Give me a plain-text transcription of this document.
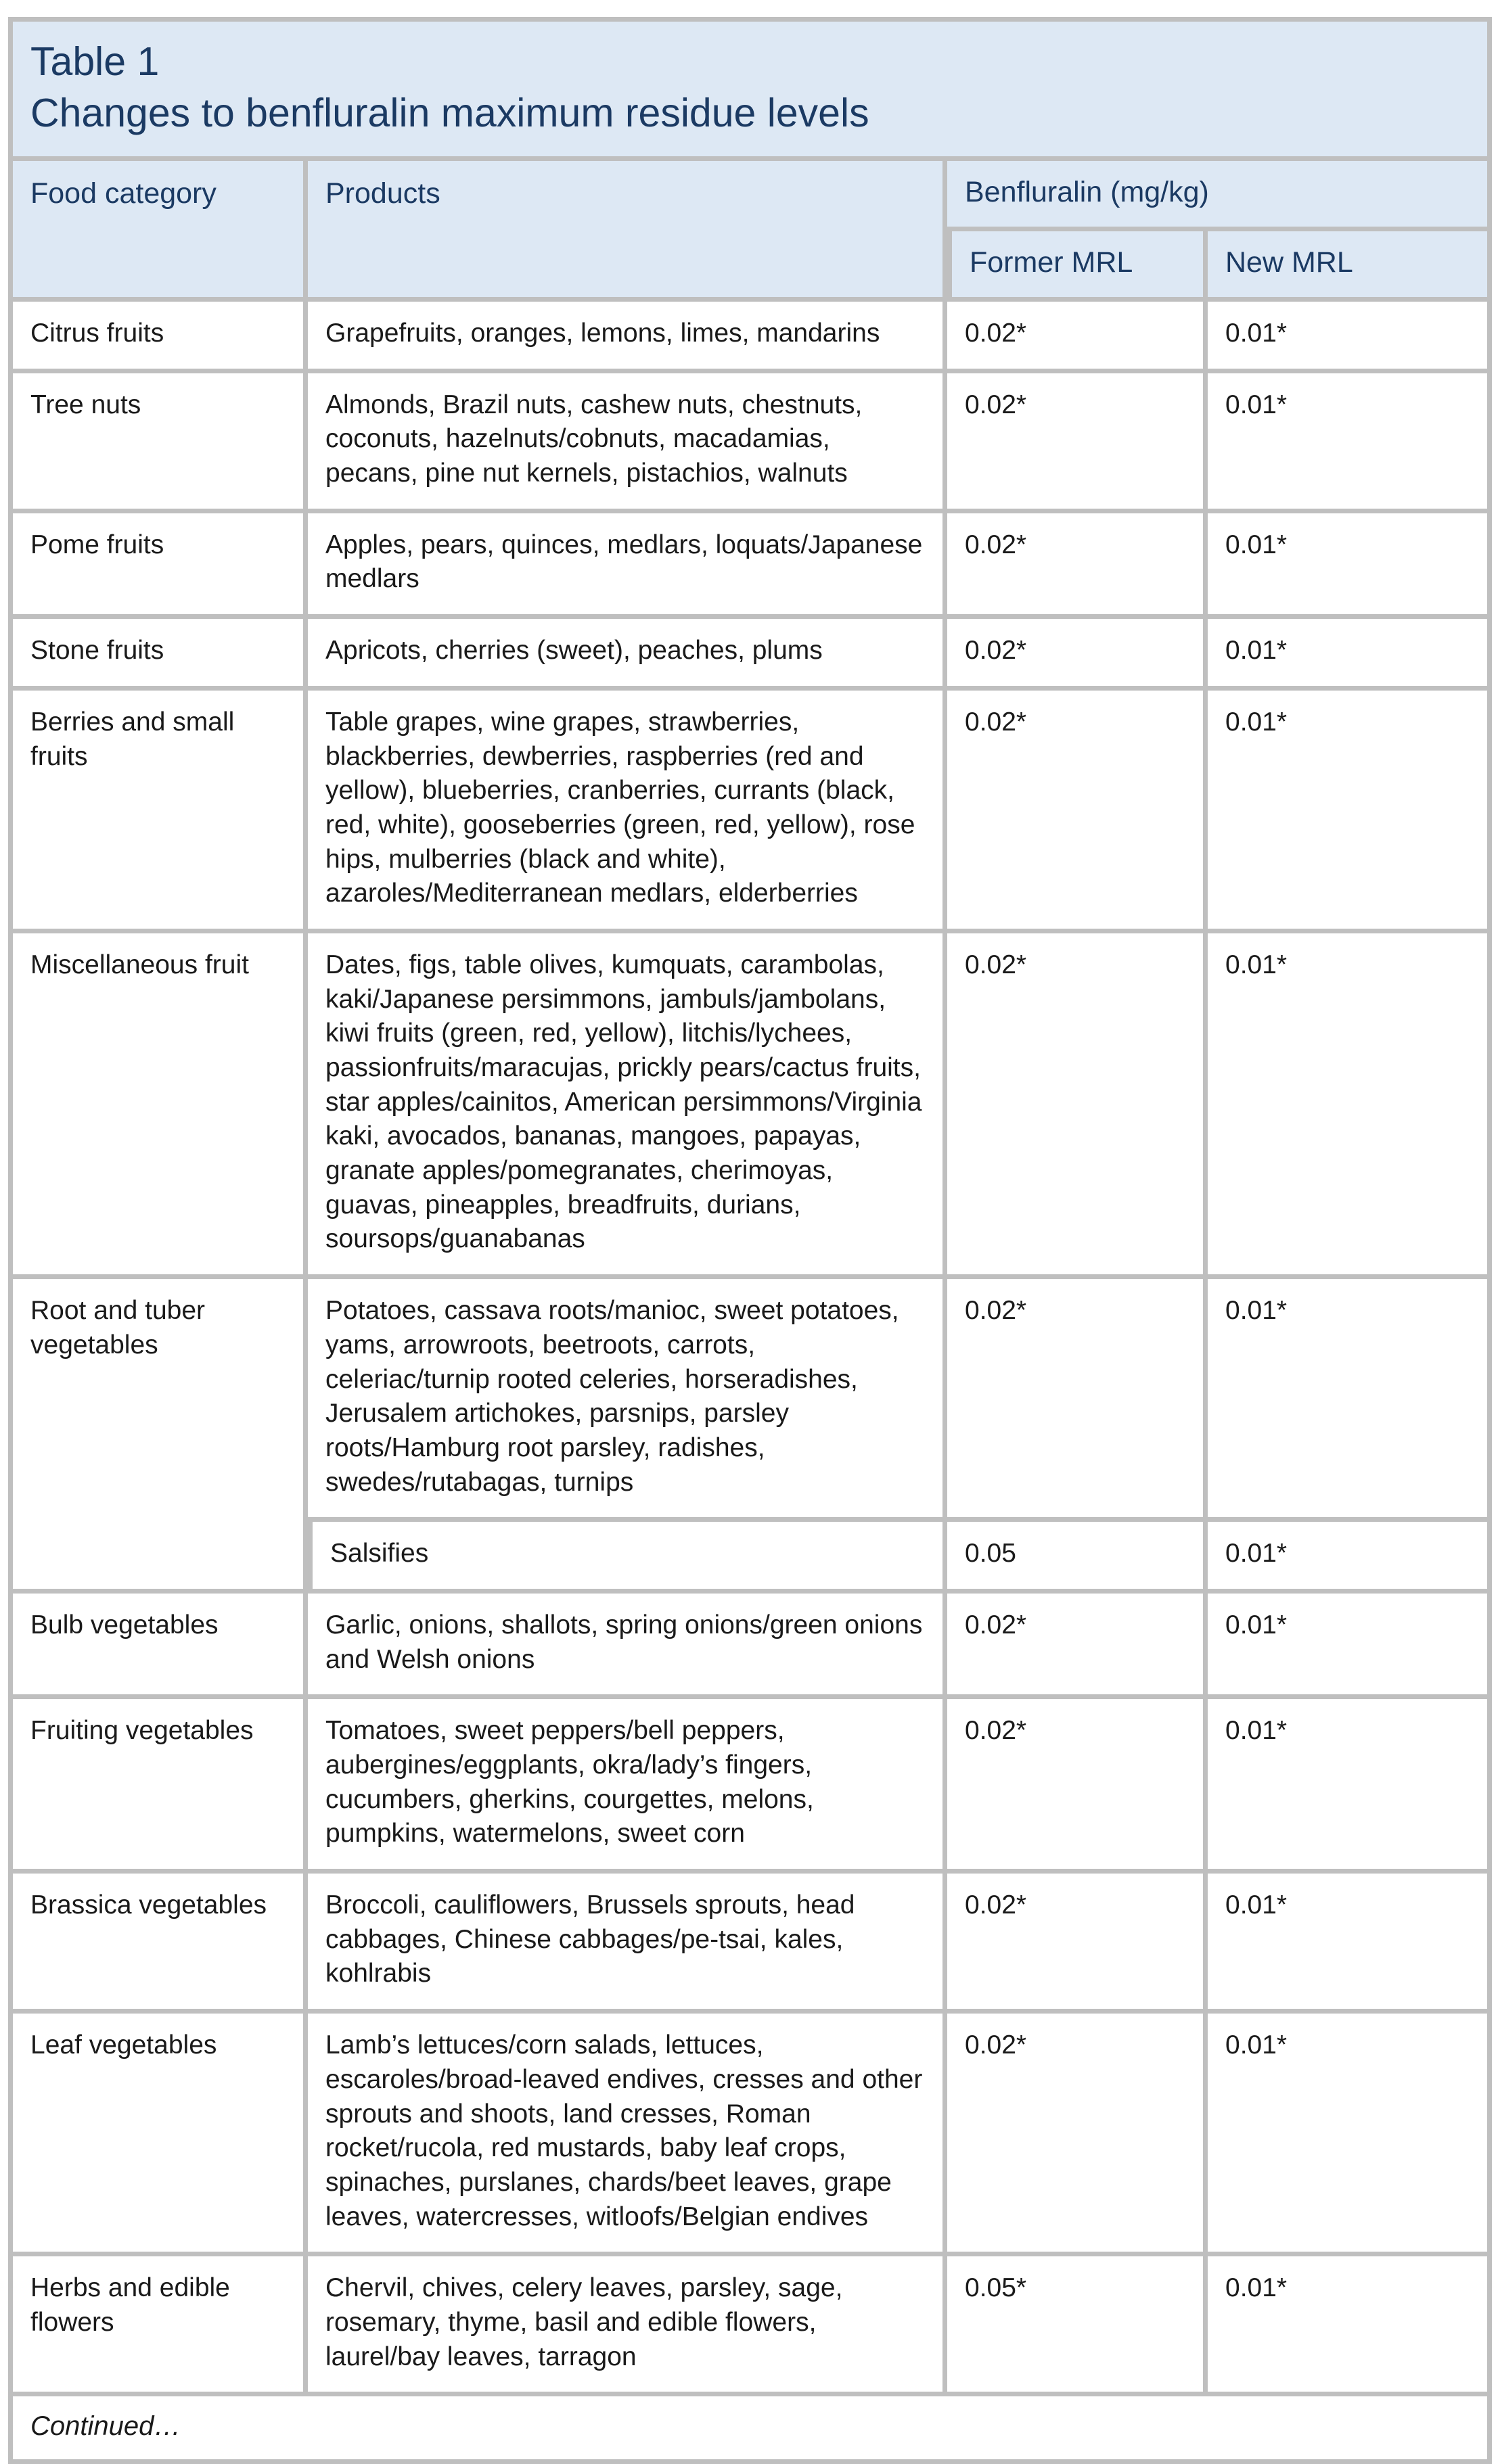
Table 1
Changes to benfluralin maximum residue levels			

Food category	Products	Benfluralin (mg/kg)	
		Former MRL	New MRL
Citrus fruits	Grapefruits, oranges, lemons, limes, mandarins	0.02*	0.01*
Tree nuts	Almonds, Brazil nuts, cashew nuts, chestnuts, coconuts, hazelnuts/cobnuts, macadamias, pecans, pine nut kernels, pistachios, walnuts	0.02*	0.01*
Pome fruits	Apples, pears, quinces, medlars, loquats/Japanese medlars	0.02*	0.01*
Stone fruits	Apricots, cherries (sweet), peaches, plums	0.02*	0.01*
Berries and small fruits	Table grapes, wine grapes, strawberries, blackberries, dewberries, raspberries (red and yellow), blueberries, cranberries, currants (black, red, white), gooseberries (green, red, yellow), rose hips, mulberries (black and white), azaroles/Mediterranean medlars, elderberries	0.02*	0.01*
Miscellaneous fruit	Dates, figs, table olives, kumquats, carambolas, kaki/Japanese persimmons, jambuls/jambolans, kiwi fruits (green, red, yellow), litchis/lychees, passionfruits/maracujas, prickly pears/cactus fruits, star apples/cainitos, American persimmons/Virginia kaki, avocados, bananas, mangoes, papayas, granate apples/pomegranates, cherimoyas, guavas, pineapples, breadfruits, durians, soursops/guanabanas	0.02*	0.01*
Root and tuber vegetables	Potatoes, cassava roots/manioc, sweet potatoes, yams, arrowroots, beetroots, carrots, celeriac/turnip rooted celeries, horseradishes, Jerusalem artichokes, parsnips, parsley roots/Hamburg root parsley, radishes, swedes/rutabagas, turnips	0.02*	0.01*
	Salsifies	0.05	0.01*
Bulb vegetables	Garlic, onions, shallots, spring onions/green onions and Welsh onions	0.02*	0.01*
Fruiting vegetables	Tomatoes, sweet peppers/bell peppers, aubergines/eggplants, okra/lady’s fingers, cucumbers, gherkins, courgettes, melons, pumpkins, watermelons, sweet corn	0.02*	0.01*
Brassica vegetables	Broccoli, cauliflowers, Brussels sprouts, head cabbages, Chinese cabbages/pe-tsai, kales, kohlrabis	0.02*	0.01*
Leaf vegetables	Lamb’s lettuces/corn salads, lettuces, escaroles/broad-leaved endives, cresses and other sprouts and shoots, land cresses, Roman rocket/rucola, red mustards, baby leaf crops, spinaches, purslanes, chards/beet leaves, grape leaves, watercresses, witloofs/Belgian endives	0.02*	0.01*
Herbs and edible flowers	Chervil, chives, celery leaves, parsley, sage, rosemary, thyme, basil and edible flowers, laurel/bay leaves, tarragon	0.05*	0.01*
Continued…			
